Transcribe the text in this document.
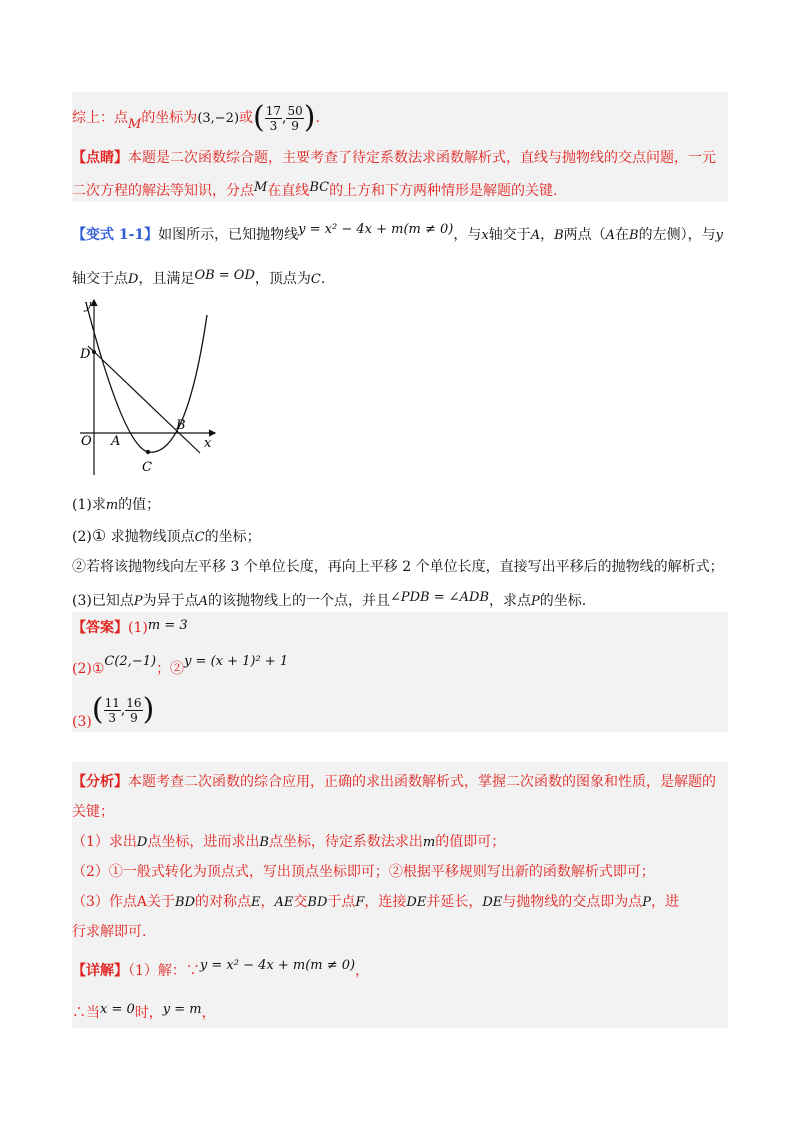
综上：点M的坐标为(3,−2)或( $\frac{17}{3}$ , $\frac{50}{9}$ ).
【点睛】本题是二次函数综合题，主要考查了待定系数法求函数解析式，直线与抛物线的交点问题，一元
二次方程的解法等知识，分点M在直线BC的上方和下方两种情形是解题的关键.
【变式 1-1】如图所示，已知抛物线y = x² − 4x + m(m ≠ 0)，与x轴交于A，B两点（A在B的左侧），与y
轴交于点D，且满足OB = OD，顶点为C.
y
x
O A
B
C
D
(1)求m的值；
(2)① 求抛物线顶点C的坐标；
②若将该抛物线向左平移 3 个单位长度，再向上平移 2 个单位长度，直接写出平移后的抛物线的解析式；
(3)已知点P为异于点A的该抛物线上的一个点，并且∠PDB = ∠ADB，求点P的坐标.
【答案】(1)m = 3
(2)①C(2,−1)；②y = (x + 1)² + 1
$(3)( \frac{11}{3}$ , $\frac{16}{9}$ )
【分析】本题考查二次函数的综合应用，正确的求出函数解析式，掌握二次函数的图象和性质，是解题的
关键；
（1）求出D点坐标，进而求出B点坐标，待定系数法求出m的值即可；
（2）①一般式转化为顶点式，写出顶点坐标即可；②根据平移规则写出新的函数解析式即可；
（3）作点A关于BD的对称点E，AE交BD于点F，连接DE并延长，DE与抛物线的交点即为点P，进
行求解即可.
【详解】（1）解：∵y = x² − 4x + m(m ≠ 0)，
∴当x = 0时，y = m，
